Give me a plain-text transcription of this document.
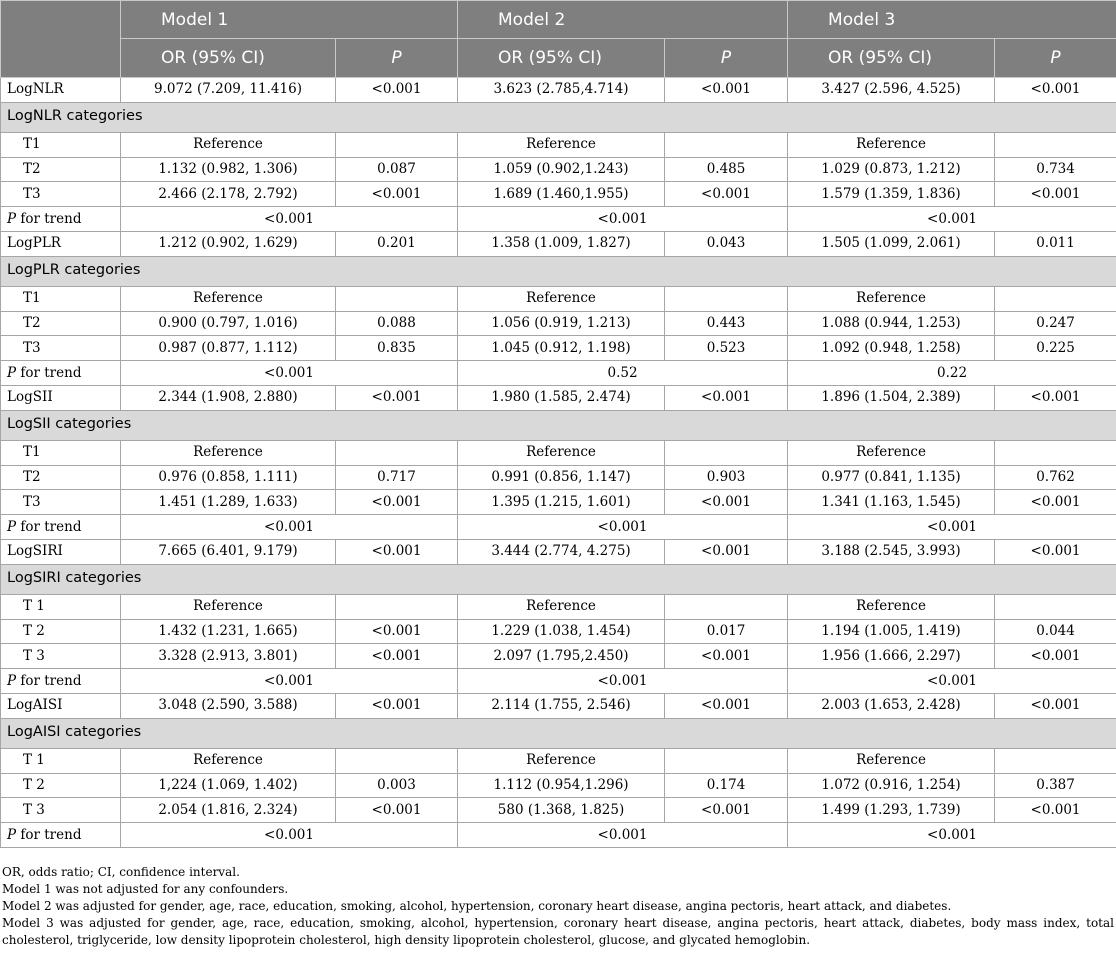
	Model 1		Model 2		Model 3	
	OR (95% CI)	P	OR (95% CI)	P	OR (95% CI)	P
LogNLR	9.072 (7.209, 11.416)	<0.001	3.623 (2.785,4.714)	<0.001	3.427 (2.596, 4.525)	<0.001
LogNLR categories						
T1	Reference		Reference		Reference	
T2	1.132 (0.982, 1.306)	0.087	1.059 (0.902,1.243)	0.485	1.029 (0.873, 1.212)	0.734
T3	2.466 (2.178, 2.792)	<0.001	1.689 (1.460,1.955)	<0.001	1.579 (1.359, 1.836)	<0.001
P for trend	<0.001		<0.001		<0.001	
LogPLR	1.212 (0.902, 1.629)	0.201	1.358 (1.009, 1.827)	0.043	1.505 (1.099, 2.061)	0.011
LogPLR categories						
T1	Reference		Reference		Reference	
T2	0.900 (0.797, 1.016)	0.088	1.056 (0.919, 1.213)	0.443	1.088 (0.944, 1.253)	0.247
T3	0.987 (0.877, 1.112)	0.835	1.045 (0.912, 1.198)	0.523	1.092 (0.948, 1.258)	0.225
P for trend	<0.001		0.52		0.22	
LogSII	2.344 (1.908, 2.880)	<0.001	1.980 (1.585, 2.474)	<0.001	1.896 (1.504, 2.389)	<0.001
LogSII categories						
T1	Reference		Reference		Reference	
T2	0.976 (0.858, 1.111)	0.717	0.991 (0.856, 1.147)	0.903	0.977 (0.841, 1.135)	0.762
T3	1.451 (1.289, 1.633)	<0.001	1.395 (1.215, 1.601)	<0.001	1.341 (1.163, 1.545)	<0.001
P for trend	<0.001		<0.001		<0.001	
LogSIRI	7.665 (6.401, 9.179)	<0.001	3.444 (2.774, 4.275)	<0.001	3.188 (2.545, 3.993)	<0.001
LogSIRI categories						
T 1	Reference		Reference		Reference	
T 2	1.432 (1.231, 1.665)	<0.001	1.229 (1.038, 1.454)	0.017	1.194 (1.005, 1.419)	0.044
T 3	3.328 (2.913, 3.801)	<0.001	2.097 (1.795,2.450)	<0.001	1.956 (1.666, 2.297)	<0.001
P for trend	<0.001		<0.001		<0.001	
LogAISI	3.048 (2.590, 3.588)	<0.001	2.114 (1.755, 2.546)	<0.001	2.003 (1.653, 2.428)	<0.001
LogAISI categories						
T 1	Reference		Reference		Reference	
T 2	1,224 (1.069, 1.402)	0.003	1.112 (0.954,1.296)	0.174	1.072 (0.916, 1.254)	0.387
T 3	2.054 (1.816, 2.324)	<0.001	580 (1.368, 1.825)	<0.001	1.499 (1.293, 1.739)	<0.001
P for trend	<0.001		<0.001		<0.001	

OR, odds ratio; CI, confidence interval.

Model 1 was not adjusted for any confounders.

Model 2 was adjusted for gender, age, race, education, smoking, alcohol, hypertension, coronary heart disease, angina pectoris, heart attack, and diabetes.

Model 3 was adjusted for gender, age, race, education, smoking, alcohol, hypertension, coronary heart disease, angina pectoris, heart attack, diabetes, body mass index, total cholesterol, triglyceride, low density lipoprotein cholesterol, high density lipoprotein cholesterol, glucose, and glycated hemoglobin.
